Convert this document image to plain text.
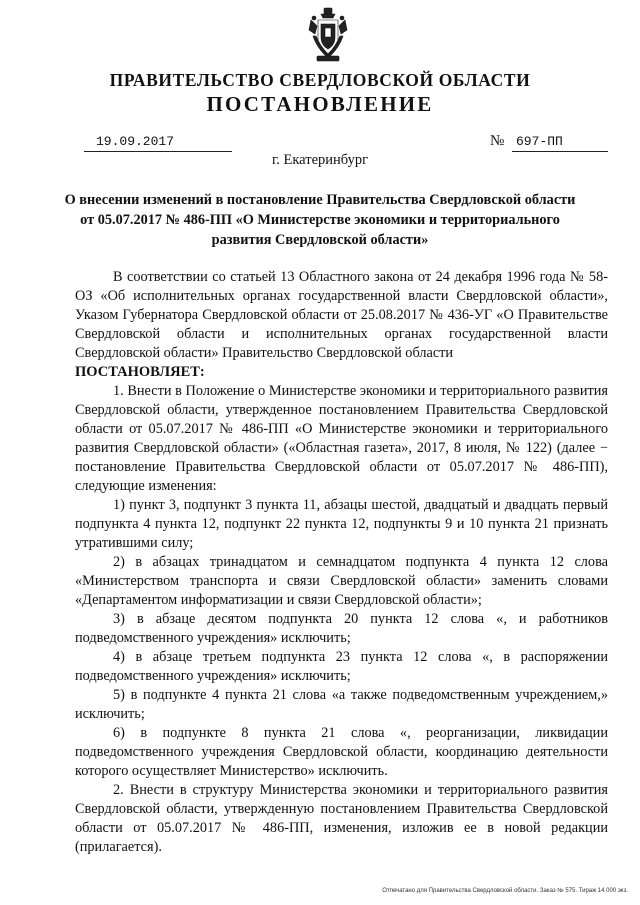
ПРАВИТЕЛЬСТВО СВЕРДЛОВСКОЙ ОБЛАСТИ
ПОСТАНОВЛЕНИЕ
19.09.2017	№ 697-ПП
г. Екатеринбург
О внесении изменений в постановление Правительства Свердловской области от 05.07.2017 № 486-ПП «О Министерстве экономики и территориального развития Свердловской области»

В соответствии со статьей 13 Областного закона от 24 декабря 1996 года № 58-ОЗ «Об исполнительных органах государственной власти Свердловской области», Указом Губернатора Свердловской области от 25.08.2017 № 436-УГ «О Правительстве Свердловской области и исполнительных органах государственной власти Свердловской области» Правительство Свердловской области

ПОСТАНОВЛЯЕТ:

1. Внести в Положение о Министерстве экономики и территориального развития Свердловской области, утвержденное постановлением Правительства Свердловской области от 05.07.2017 № 486-ПП «О Министерстве экономики и территориального развития Свердловской области» («Областная газета», 2017, 8 июля, № 122) (далее − постановление Правительства Свердловской области от 05.07.2017 № 486-ПП), следующие изменения:

1) пункт 3, подпункт 3 пункта 11, абзацы шестой, двадцатый и двадцать первый подпункта 4 пункта 12, подпункт 22 пункта 12, подпункты 9 и 10 пункта 21 признать утратившими силу;

2) в абзацах тринадцатом и семнадцатом подпункта 4 пункта 12 слова «Министерством транспорта и связи Свердловской области» заменить словами «Департаментом информатизации и связи Свердловской области»;

3) в абзаце десятом подпункта 20 пункта 12 слова «, и работников подведомственного учреждения» исключить;

4) в абзаце третьем подпункта 23 пункта 12 слова «, в распоряжении подведомственного учреждения» исключить;

5) в подпункте 4 пункта 21 слова «а также подведомственным учреждением,» исключить;

6) в подпункте 8 пункта 21 слова «, реорганизации, ликвидации подведомственного учреждения Свердловской области, координацию деятельности которого осуществляет Министерство» исключить.

2. Внести в структуру Министерства экономики и территориального развития Свердловской области, утвержденную постановлением Правительства Свердловской области от 05.07.2017 № 486-ПП, изменения, изложив ее в новой редакции (прилагается).

Отпечатано для Правительства Свердловской области. Заказ № 575. Тираж 14 000 экз.
